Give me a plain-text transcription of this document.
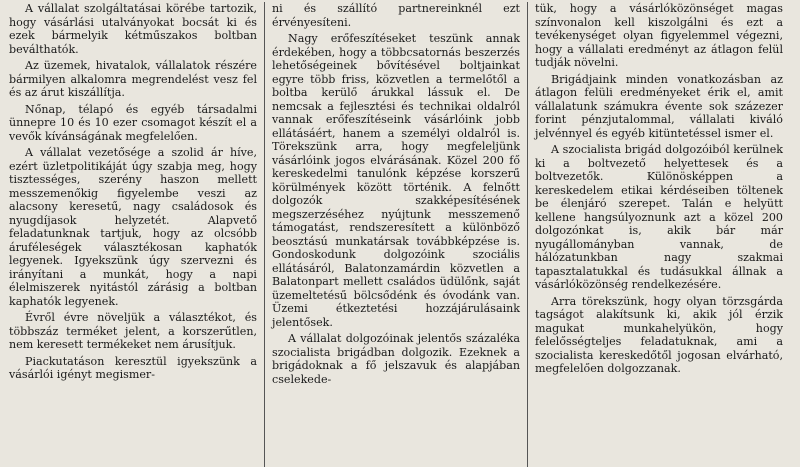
A vállalat szolgáltatásai körébe tartozik, hogy vásárlási utalványokat bocsát ki és ezek bármelyik kétműszakos boltban beválthatók.

Az üzemek, hivatalok, vállalatok részére bármilyen alkalomra megrendelést vesz fel és az árut kiszállítja.

Nőnap, télapó és egyéb társadalmi ünnepre 10 és 10 ezer csomagot készít el a vevők kívánságának megfelelően.

A vállalat vezetősége a szolid ár híve, ezért üzletpolitikáját úgy szabja meg, hogy tisztességes, szerény haszon mellett messzemenőkig figyelembe veszi az alacsony keresetű, nagy családosok és nyugdíjasok helyzetét. Alapvető feladatunknak tartjuk, hogy az olcsóbb áruféleségek választékosan kaphatók legyenek. Igyekszünk úgy szervezni és irányítani a munkát, hogy a napi élelmiszerek nyitástól zárásig a boltban kaphatók legyenek.

Évről évre növeljük a választékot, és többszáz terméket jelent, a korszerűtlen, nem keresett termékeket nem árusítjuk.

Piackutatáson keresztül igyekszünk a vásárlói igényt megismer-

ni és szállító partnereinknél ezt érvényesíteni.

Nagy erőfeszítéseket teszünk annak érdekében, hogy a többcsatornás beszerzés lehetőségeinek bővítésével boltjainkat egyre több friss, közvetlen a termelőtől a boltba kerülő árukkal lássuk el. De nemcsak a fejlesztési és technikai oldalról vannak erőfeszítéseink vásárlóink jobb ellátásáért, hanem a személyi oldalról is. Törekszünk arra, hogy megfeleljünk vásárlóink jogos elvárásának. Közel 200 fő kereskedelmi tanulónk képzése korszerű körülmények között történik. A felnőtt dolgozók szakképesítésének megszerzéséhez nyújtunk messzemenő támogatást, rendszeresített a különböző beosztású munkatársak továbbképzése is. Gondoskodunk dolgozóink szociális ellátásáról, Balatonzamárdin közvetlen a Balatonpart mellett családos üdülőnk, saját üzemeltetésű bölcsődénk és óvodánk van. Üzemi étkeztetési hozzájárulásaink jelentősek.

A vállalat dolgozóinak jelentős százaléka szocialista brigádban dolgozik. Ezeknek a brigádoknak a fő jelszavuk és alapjában cselekede-

tük, hogy a vásárlóközönséget magas színvonalon kell kiszolgálni és ezt a tevékenységet olyan figyelemmel végezni, hogy a vállalati eredményt az átlagon felül tudják növelni.

Brigádjaink minden vonatkozásban az átlagon felüli eredményeket érik el, amit vállalatunk számukra évente sok százezer forint pénzjutalommal, vállalati kiváló jelvénnyel és egyéb kitüntetéssel ismer el.

A szocialista brigád dolgozóiból kerülnek ki a boltvezető helyettesek és a boltvezetők. Különösképpen a kereskedelem etikai kérdéseiben töltenek be élenjáró szerepet. Talán e helyütt kellene hangsúlyoznunk azt a közel 200 dolgozónkat is, akik bár már nyugállományban vannak, de hálózatunkban nagy szakmai tapasztalatukkal és tudásukkal állnak a vásárlóközönség rendelkezésére.

Arra törekszünk, hogy olyan törzsgárda tagságot alakítsunk ki, akik jól érzik magukat munkahelyükön, hogy felelősségteljes feladatuknak, ami a szocialista kereskedőtől jogosan elvárható, megfelelően dolgozzanak.
